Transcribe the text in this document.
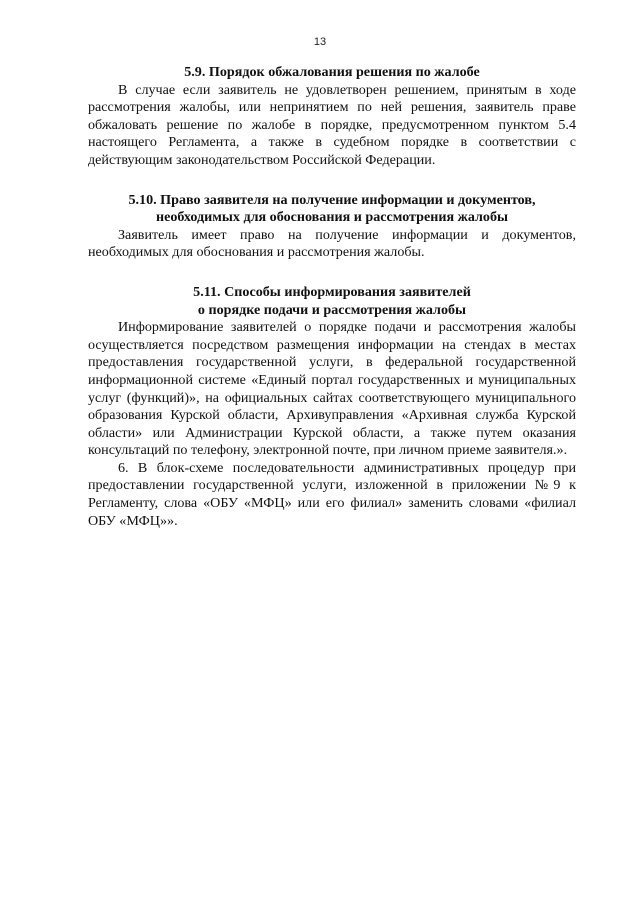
13

5.9. Порядок обжалования решения по жалобе

В случае если заявитель не удовлетворен решением, принятым в ходе рассмотрения жалобы, или непринятием по ней решения, заявитель праве обжаловать решение по жалобе в порядке, предусмотренном пунктом 5.4 настоящего Регламента, а также в судебном порядке в соответствии с действующим законодательством Российской Федерации.

5.10. Право заявителя на получение информации и документов,

необходимых для обоснования и рассмотрения жалобы

Заявитель имеет право на получение информации и документов, необходимых для обоснования и рассмотрения жалобы.

5.11. Способы информирования заявителей

о порядке подачи и рассмотрения жалобы

Информирование заявителей о порядке подачи и рассмотрения жалобы осуществляется посредством размещения информации на стендах в местах предоставления государственной услуги, в федеральной государственной информационной системе «Единый портал государственных и муниципальных услуг (функций)», на официальных сайтах соответствующего муниципального образования Курской области, Архивуправления «Архивная служба Курской области» или Администрации Курской области, а также путем оказания консультаций по телефону, электронной почте, при личном приеме заявителя.».

6. В блок-схеме последовательности административных процедур при предоставлении государственной услуги, изложенной в приложении №9 к Регламенту, слова «ОБУ «МФЦ» или его филиал» заменить словами «филиал ОБУ «МФЦ»».
